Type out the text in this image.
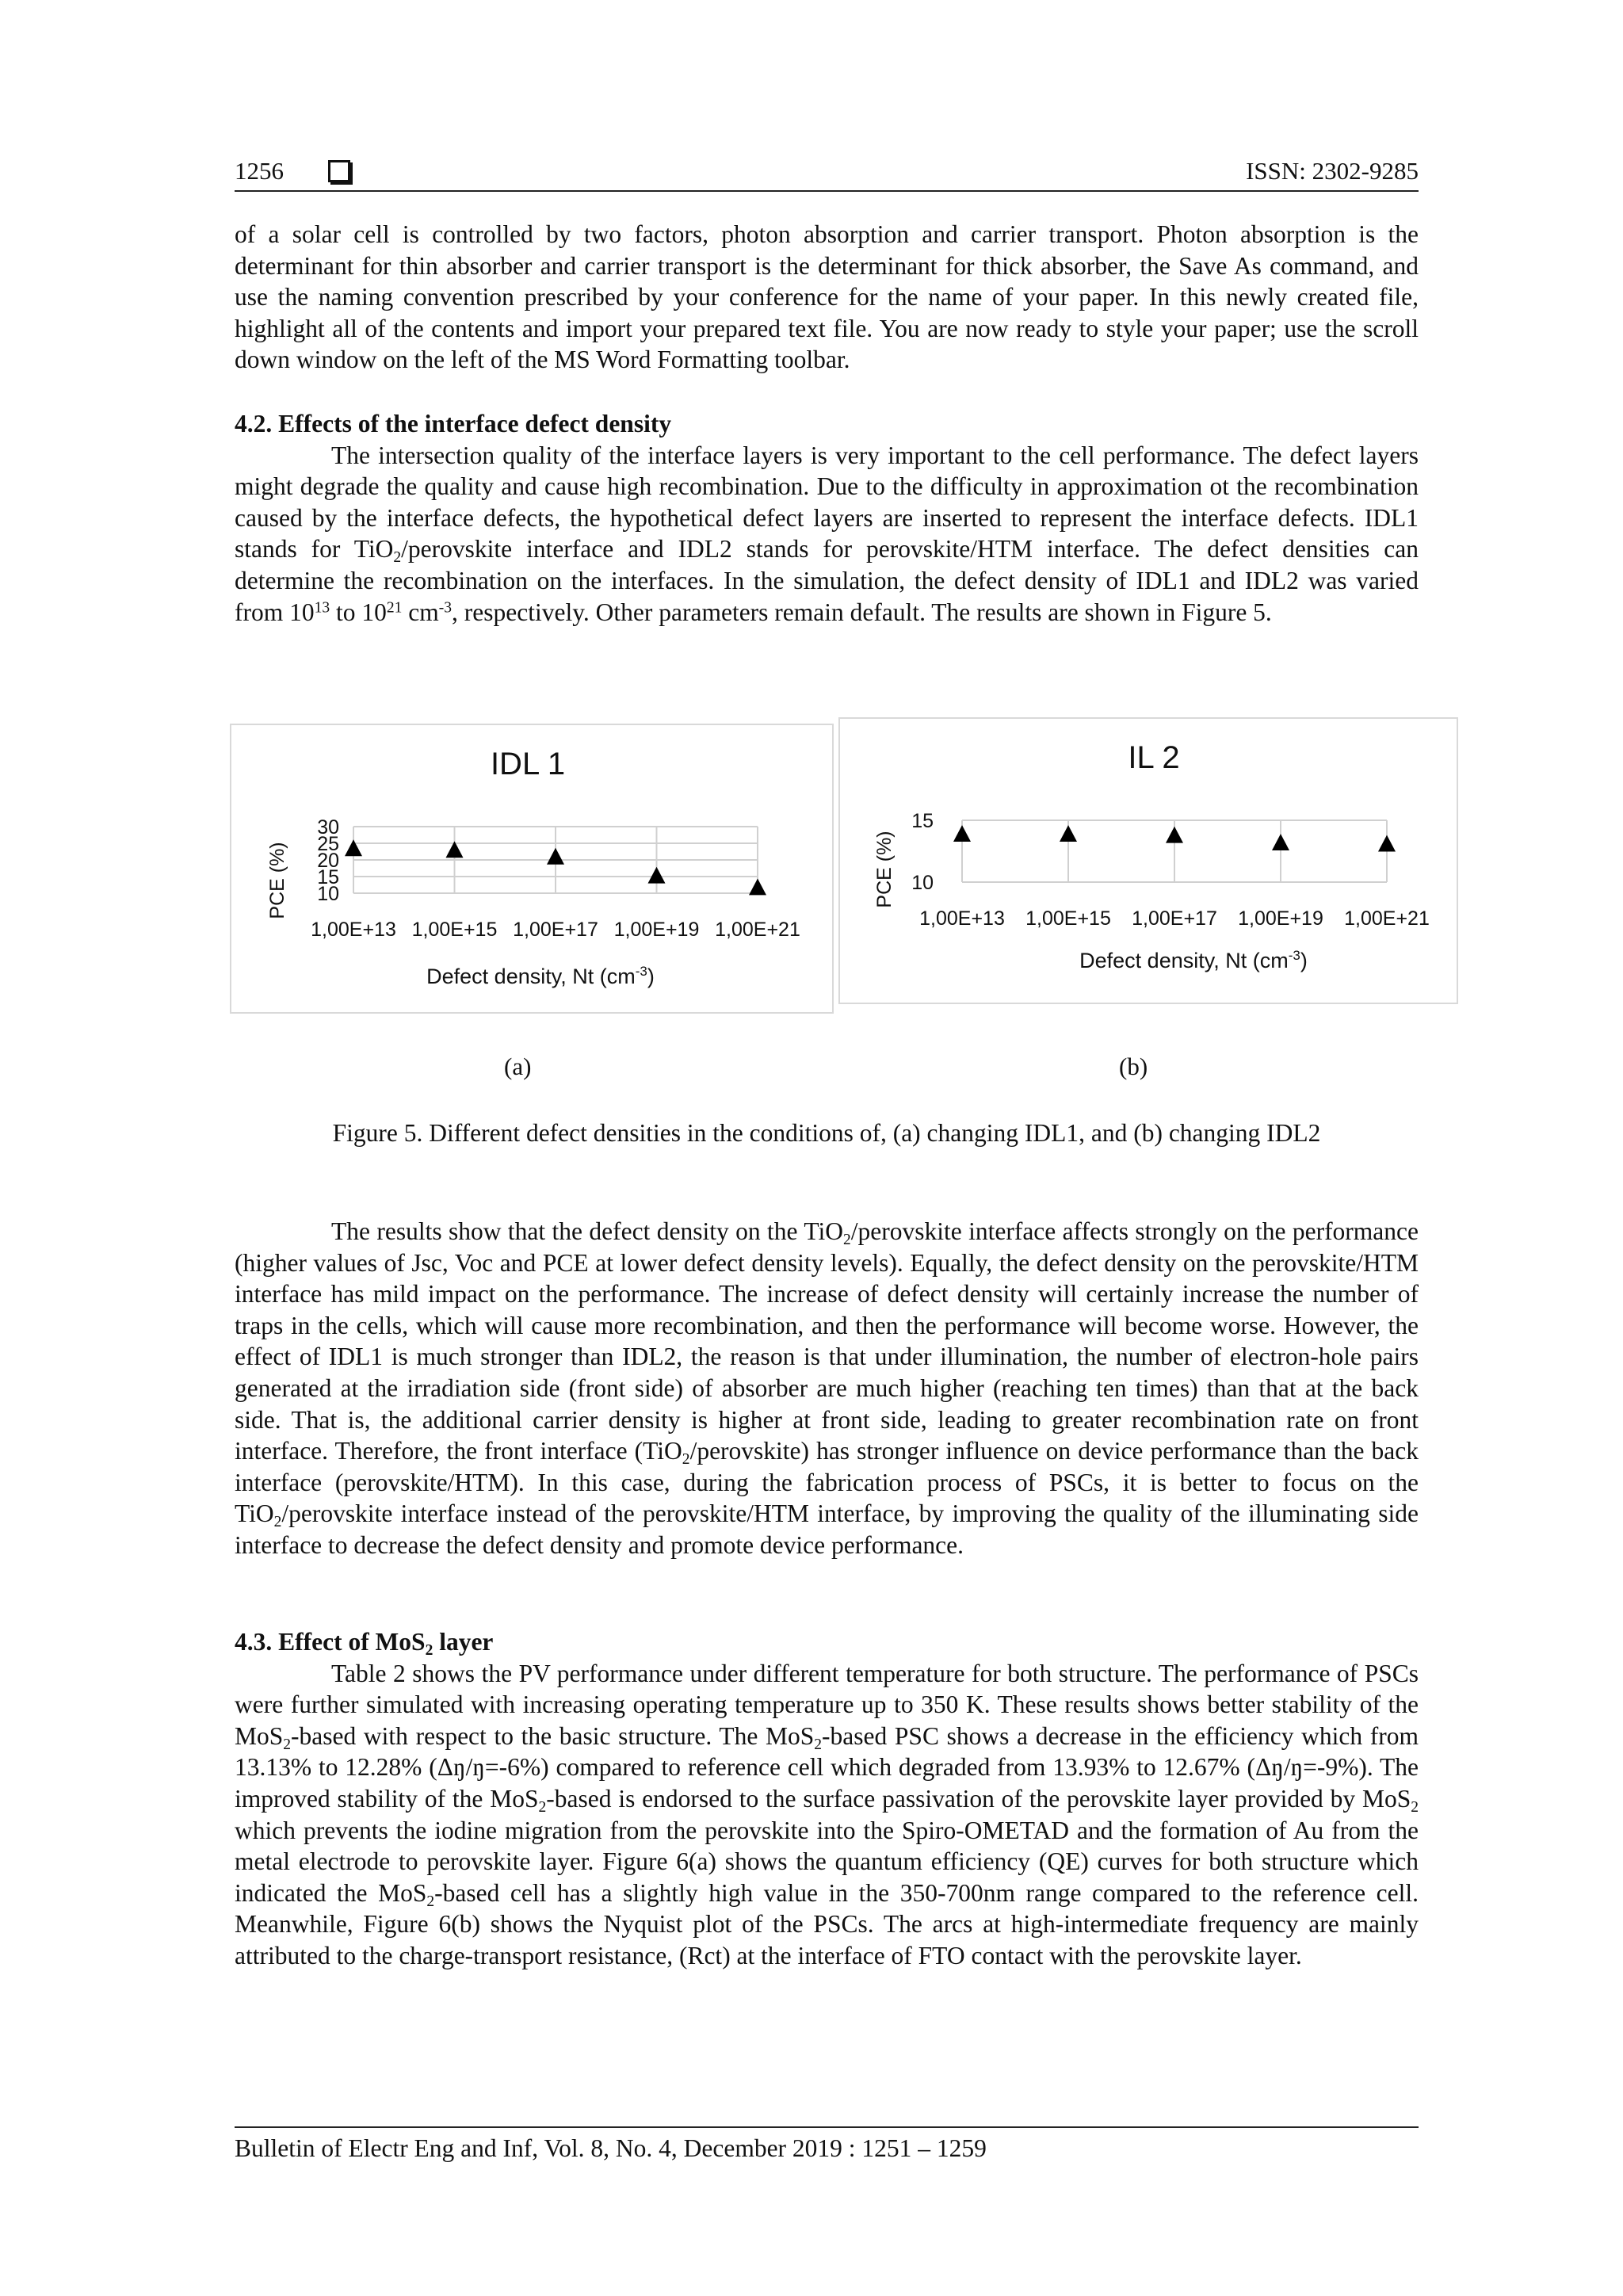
1256	ISSN: 2302-9285

of a solar cell is controlled by two factors, photon absorption and carrier transport. Photon absorption is the determinant for thin absorber and carrier transport is the determinant for thick absorber, the Save As command, and use the naming convention prescribed by your conference for the name of your paper. In this newly created file, highlight all of the contents and import your prepared text file. You are now ready to style your paper; use the scroll down window on the left of the MS Word Formatting toolbar.

4.2. Effects of the interface defect density

The intersection quality of the interface layers is very important to the cell performance. The defect layers might degrade the quality and cause high recombination. Due to the difficulty in approximation ot the recombination caused by the interface defects, the hypothetical defect layers are inserted to represent the interface defects. IDL1 stands for TiO$_2$/perovskite interface and IDL2 stands for perovskite/HTM interface. The defect densities can determine the recombination on the interfaces. In the simulation, the defect density of IDL1 and IDL2 was varied from $10^{13}$ to $10^{21}$ $cm^{-3}$, respectively. Other parameters remain default. The results are shown in Figure 5.

IDL 1
PCE (%)
30
25
20
15
10
1,00E+13 1,00E+15 1,00E+17 1,00E+19 1,00E+21
Defect density, Nt $(cm^{-3})$
IL 2
PCE (%)
15
10
1,00E+13 1,00E+15 1,00E+17 1,00E+19 1,00E+21
Defect density, Nt $(cm^{-3})$
(a)	(b)
Figure 5. Different defect densities in the conditions of, (a) changing IDL1, and (b) changing IDL2

The results show that the defect density on the TiO$_2$/perovskite interface affects strongly on the performance (higher values of Jsc, Voc and PCE at lower defect density levels). Equally, the defect density on the perovskite/HTM interface has mild impact on the performance. The increase of defect density will certainly increase the number of traps in the cells, which will cause more recombination, and then the performance will become worse. However, the effect of IDL1 is much stronger than IDL2, the reason is that under illumination, the number of electron-hole pairs generated at the irradiation side (front side) of absorber are much higher (reaching ten times) than that at the back side. That is, the additional carrier density is higher at front side, leading to greater recombination rate on front interface. Therefore, the front interface (TiO$_2$/perovskite) has stronger influence on device performance than the back interface (perovskite/HTM). In this case, during the fabrication process of PSCs, it is better to focus on the TiO$_2$/perovskite interface instead of the perovskite/HTM interface, by improving the quality of the illuminating side interface to decrease the defect density and promote device performance.

4.3. Effect of MoS$_2$ layer

Table 2 shows the PV performance under different temperature for both structure. The performance of PSCs were further simulated with increasing operating temperature up to 350 K. These results shows better stability of the MoS$_2$-based with respect to the basic structure. The MoS$_2$-based PSC shows a decrease in the efficiency which from 13.13% to 12.28% (Δŋ/ŋ=-6%) compared to reference cell which degraded from 13.93% to 12.67% (Δŋ/ŋ=-9%). The improved stability of the MoS$_2$-based is endorsed to the surface passivation of the perovskite layer provided by MoS$_2$ which prevents the iodine migration from the perovskite into the Spiro-OMETAD and the formation of Au from the metal electrode to perovskite layer. Figure 6(a) shows the quantum efficiency (QE) curves for both structure which indicated the MoS$_2$-based cell has a slightly high value in the 350-700nm range compared to the reference cell. Meanwhile, Figure 6(b) shows the Nyquist plot of the PSCs. The arcs at high-intermediate frequency are mainly attributed to the charge-transport resistance, (Rct) at the interface of FTO contact with the perovskite layer.

Bulletin of Electr Eng and Inf, Vol. 8, No. 4, December 2019 : 1251 – 1259
